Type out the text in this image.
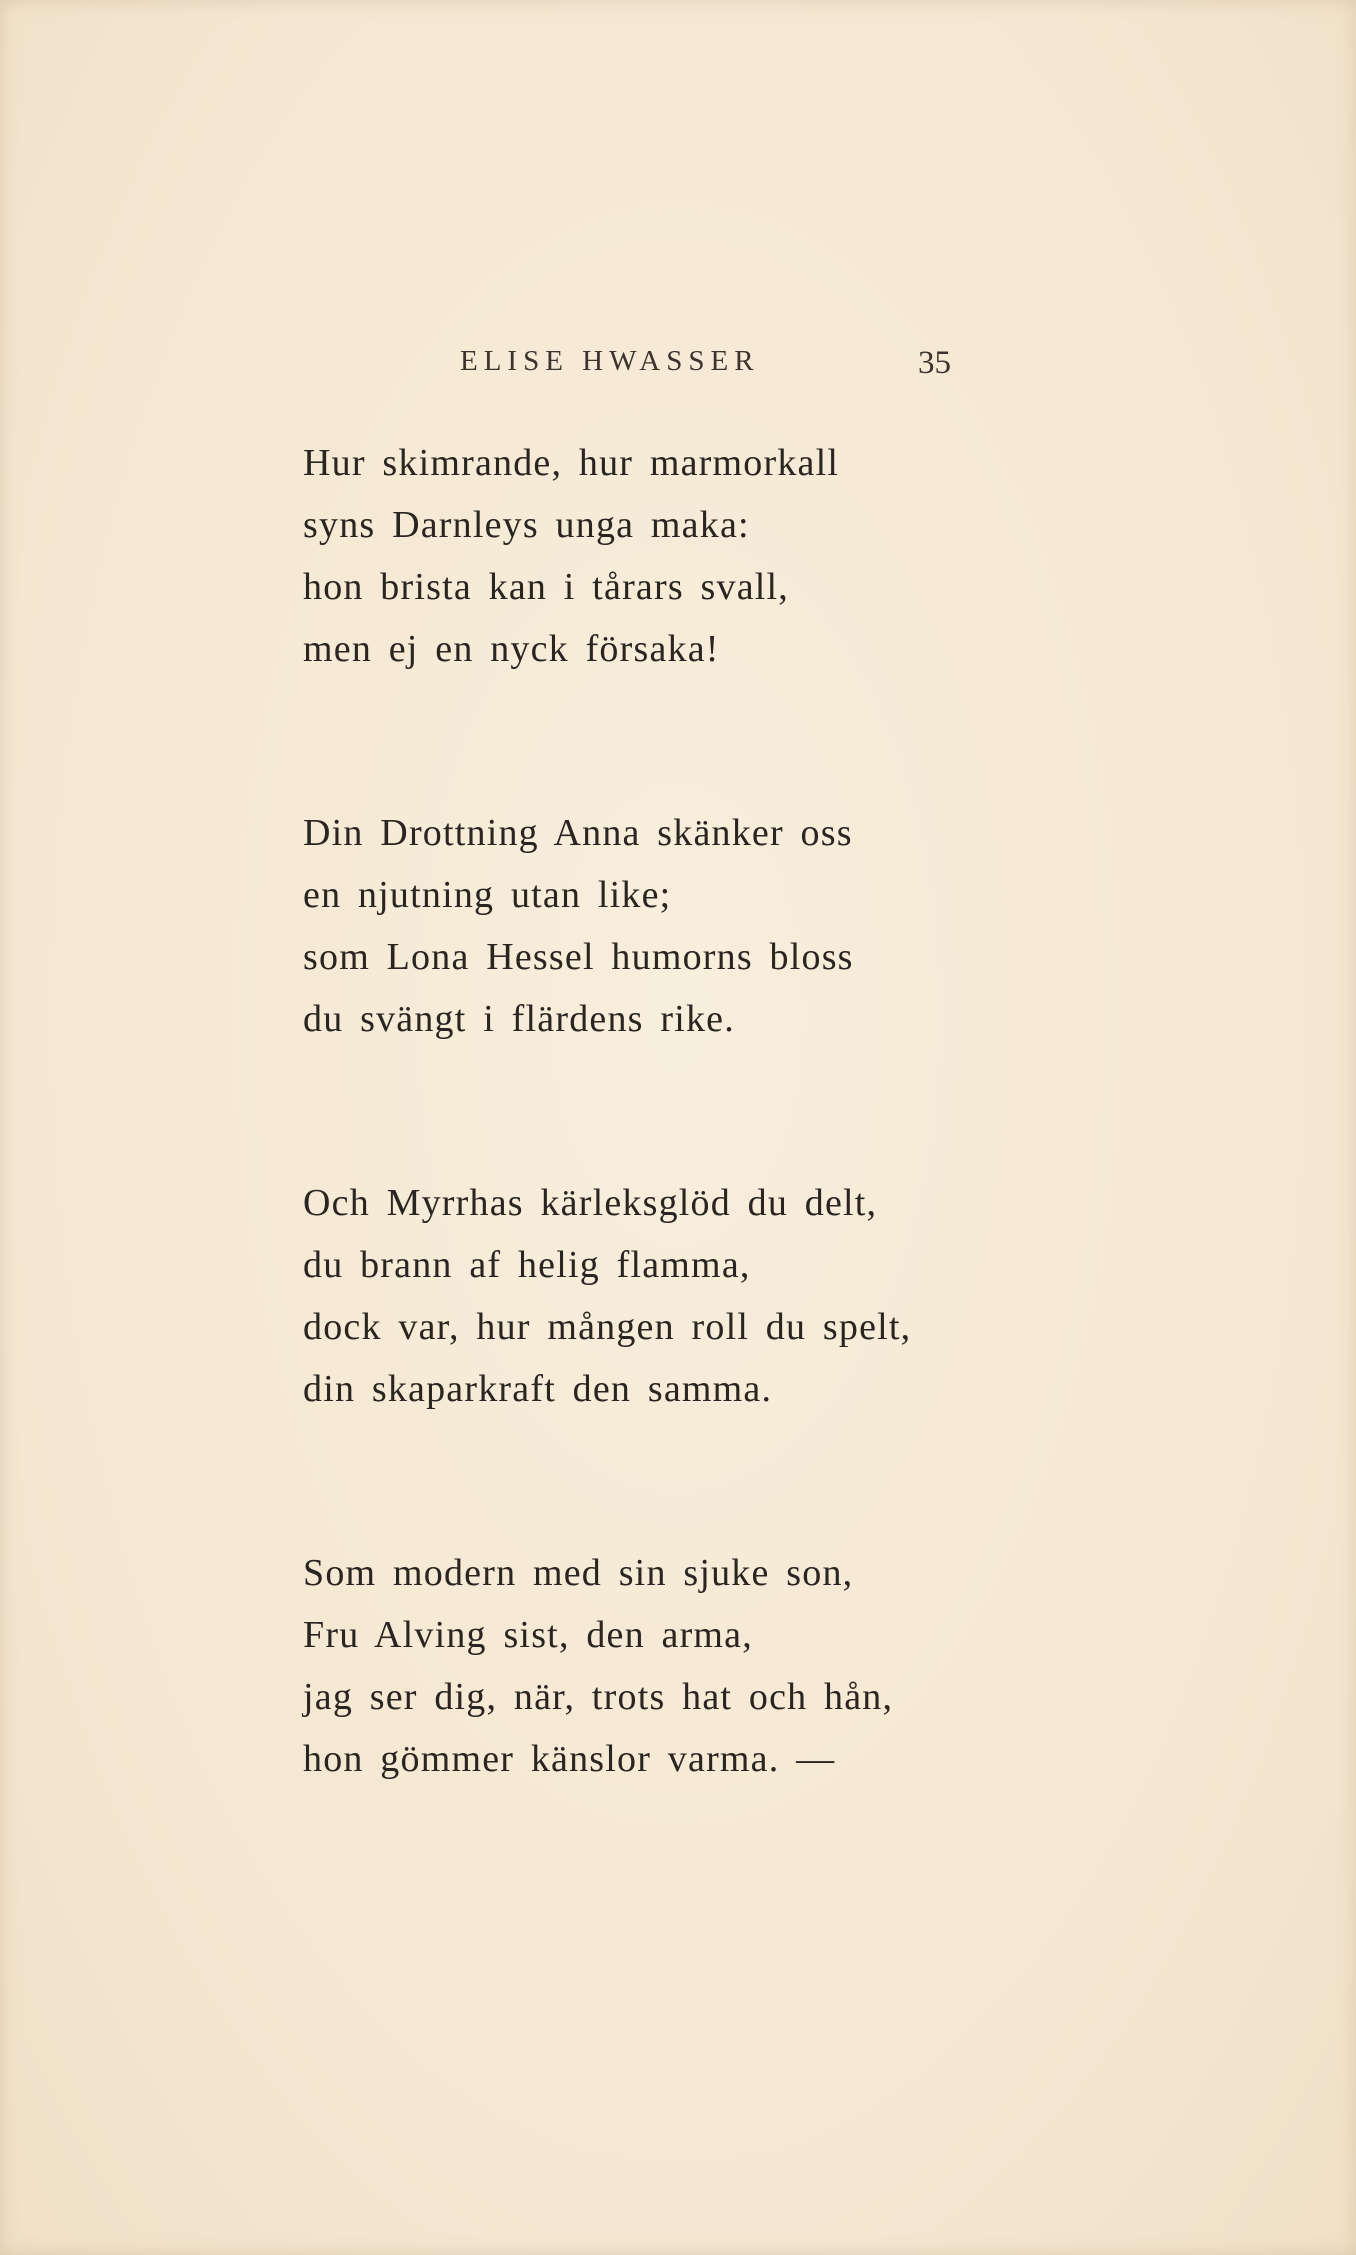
ELISE HWASSER	35
Hur skimrande, hur marmorkall
syns Darnleys unga maka:
hon brista kan i tårars svall,
men ej en nyck försaka!
Din Drottning Anna skänker oss
en njutning utan like;
som Lona Hessel humorns bloss
du svängt i flärdens rike.
Och Myrrhas kärleksglöd du delt,
du brann af helig flamma,
dock var, hur mången roll du spelt,
din skaparkraft den samma.
Som modern med sin sjuke son,
Fru Alving sist, den arma,
jag ser dig, när, trots hat och hån,
hon gömmer känslor varma. —
